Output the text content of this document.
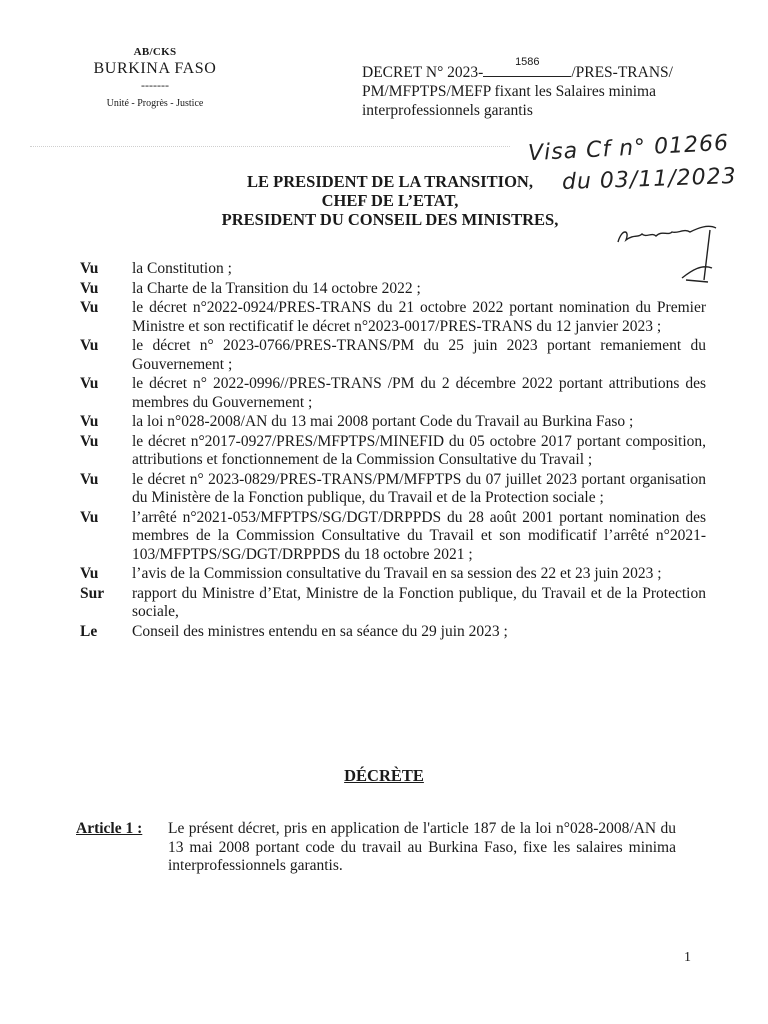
AB/CKS
BURKINA FASO
-------
Unité - Progrès - Justice
DECRET N° 2023-
1586
/PRES-TRANS/
PM/MFPTPS/MEFP fixant les Salaires minima
interprofessionnels garantis
Visa Cf n° 01266
du 03/11/2023
LE PRESIDENT DE LA TRANSITION,
CHEF DE L’ETAT,
PRESIDENT DU CONSEIL DES MINISTRES,
Vu	la Constitution ;
Vu	la Charte de la Transition du 14 octobre 2022 ;
Vu	le décret n°2022-0924/PRES-TRANS du 21 octobre 2022 portant nomination du Premier Ministre et son rectificatif le décret n°2023-0017/PRES-TRANS du 12 janvier 2023 ;
Vu	le décret n° 2023-0766/PRES-TRANS/PM du 25 juin 2023 portant remaniement du Gouvernement ;
Vu	le décret n° 2022-0996//PRES-TRANS /PM du 2 décembre 2022 portant attributions des membres du Gouvernement ;
Vu	la loi n°028-2008/AN du 13 mai 2008 portant Code du Travail au Burkina Faso ;
Vu	le décret n°2017-0927/PRES/MFPTPS/MINEFID du 05 octobre 2017 portant composition, attributions et fonctionnement de la Commission Consultative du Travail ;
Vu	le décret n° 2023-0829/PRES-TRANS/PM/MFPTPS du 07 juillet 2023 portant organisation du Ministère de la Fonction publique, du Travail et de la Protection sociale ;
Vu	l’arrêté n°2021-053/MFPTPS/SG/DGT/DRPPDS du 28 août 2001 portant nomination des membres de la Commission Consultative du Travail et son modificatif l’arrêté n°2021-103/MFPTPS/SG/DGT/DRPPDS du 18 octobre 2021 ;
Vu	l’avis de la Commission consultative du Travail en sa session des 22 et 23 juin 2023 ;
Sur	rapport du Ministre d’Etat, Ministre de la Fonction publique, du Travail et de la Protection sociale,
Le	Conseil des ministres entendu en sa séance du 29 juin 2023 ;
DÉCRÈTE
Article 1 :	Le présent décret, pris en application de l'article 187 de la loi n°028-2008/AN du 13 mai 2008 portant code du travail au Burkina Faso, fixe les salaires minima interprofessionnels garantis.
1
